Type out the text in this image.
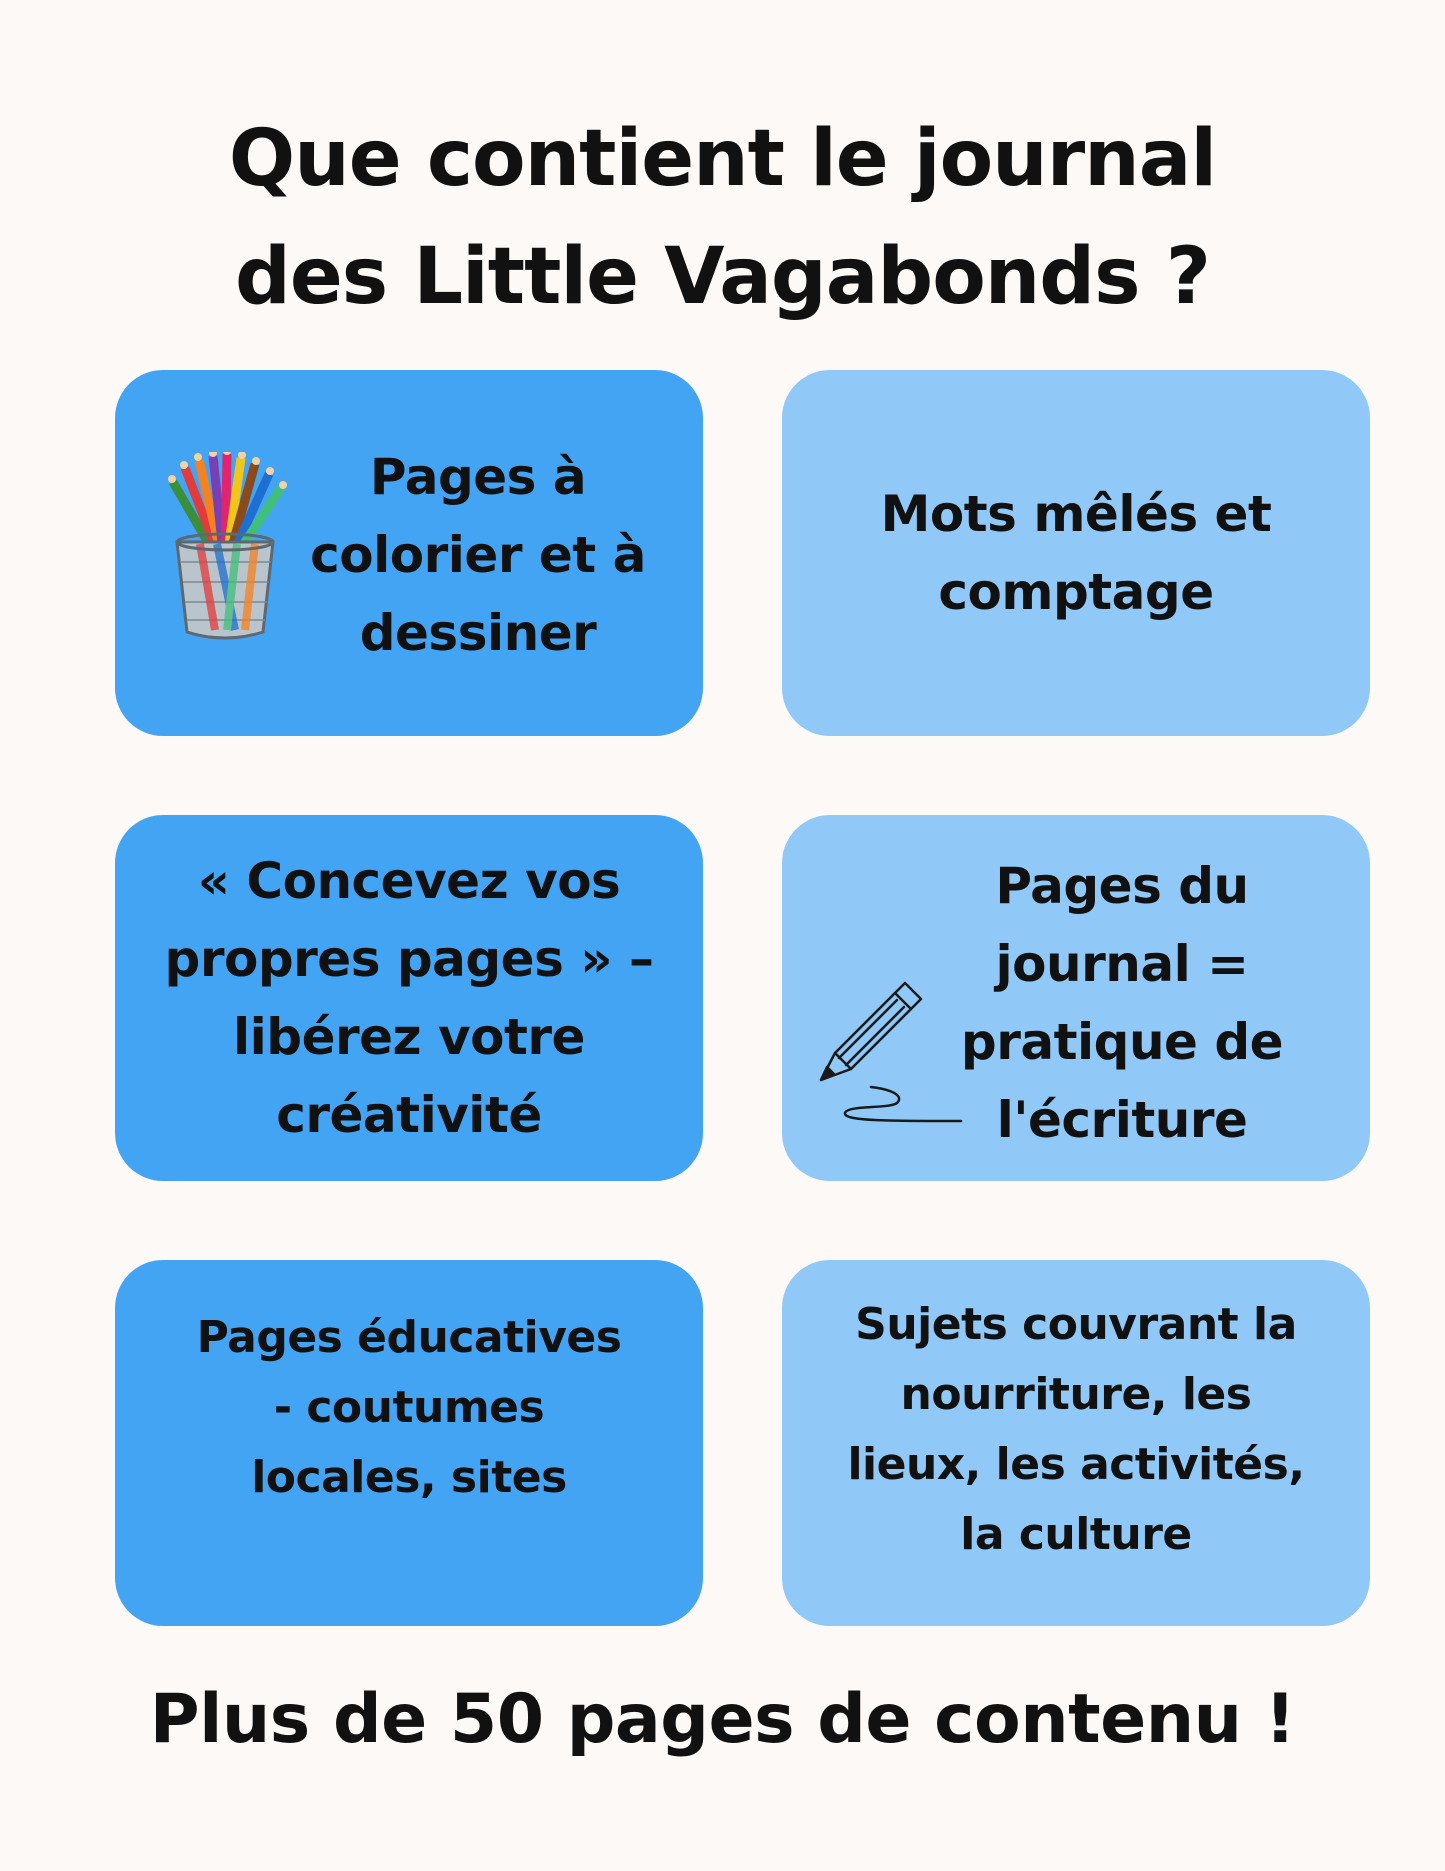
Que contient le journal
des Little Vagabonds ?
Pages à
colorier et à
dessiner
Mots mêlés et
comptage
« Concevez vos
propres pages » –
libérez votre
créativité
Pages du
journal =
pratique de
l'écriture
Pages éducatives
- coutumes
locales, sites
Sujets couvrant la
nourriture, les
lieux, les activités,
la culture
Plus de 50 pages de contenu !
